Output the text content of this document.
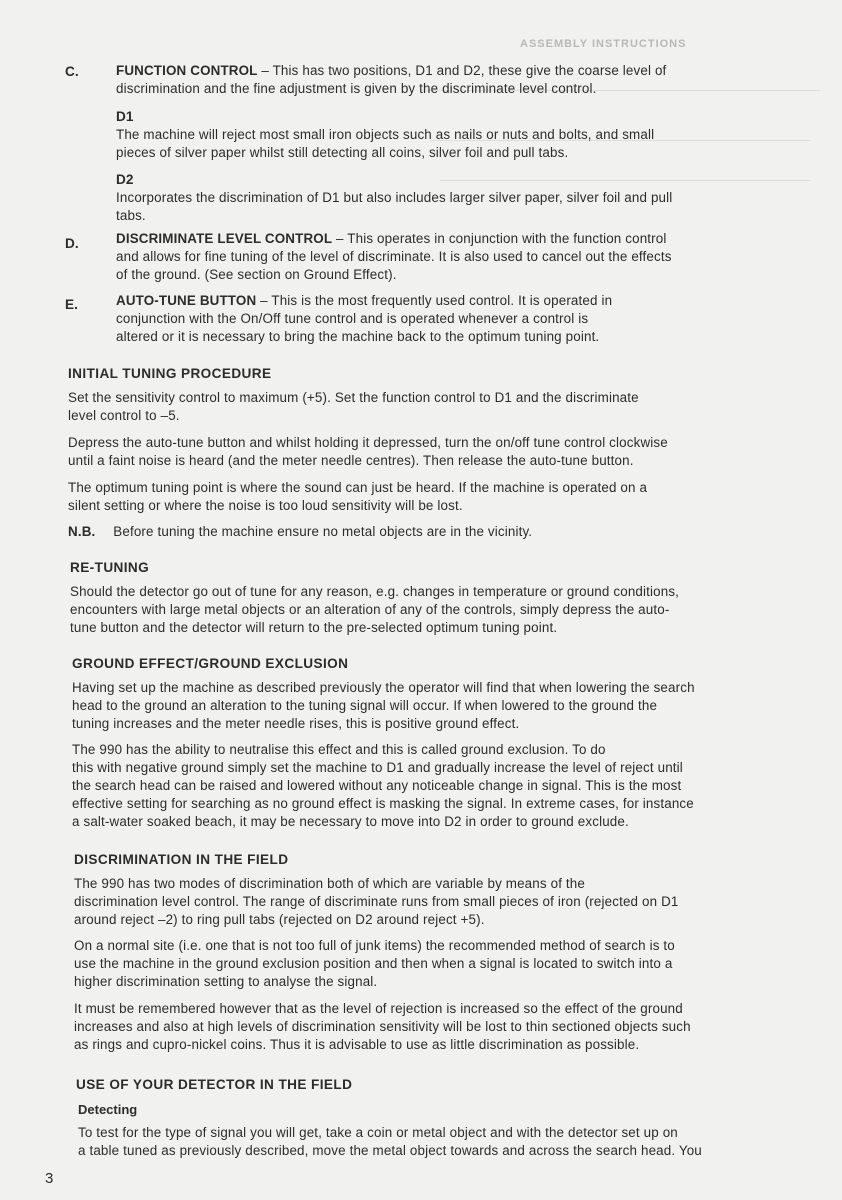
ASSEMBLY INSTRUCTIONS
C.	FUNCTION CONTROL – This has two positions, D1 and D2, these give the coarse level of
discrimination and the fine adjustment is given by the discriminate level control.
D1
The machine will reject most small iron objects such as nails or nuts and bolts, and small
pieces of silver paper whilst still detecting all coins, silver foil and pull tabs.
D2
Incorporates the discrimination of D1 but also includes larger silver paper, silver foil and pull
tabs.
D.	DISCRIMINATE LEVEL CONTROL – This operates in conjunction with the function control
and allows for fine tuning of the level of discriminate. It is also used to cancel out the effects
of the ground. (See section on Ground Effect).
E.	AUTO-TUNE BUTTON – This is the most frequently used control. It is operated in
conjunction with the On/Off tune control and is operated whenever a control is
altered or it is necessary to bring the machine back to the optimum tuning point.
INITIAL TUNING PROCEDURE
Set the sensitivity control to maximum (+5). Set the function control to D1 and the discriminate
level control to –5.
Depress the auto-tune button and whilst holding it depressed, turn the on/off tune control clockwise
until a faint noise is heard (and the meter needle centres). Then release the auto-tune button.
The optimum tuning point is where the sound can just be heard. If the machine is operated on a
silent setting or where the noise is too loud sensitivity will be lost.
N.B. Before tuning the machine ensure no metal objects are in the vicinity.
RE-TUNING
Should the detector go out of tune for any reason, e.g. changes in temperature or ground conditions,
encounters with large metal objects or an alteration of any of the controls, simply depress the auto-
tune button and the detector will return to the pre-selected optimum tuning point.
GROUND EFFECT/GROUND EXCLUSION
Having set up the machine as described previously the operator will find that when lowering the search
head to the ground an alteration to the tuning signal will occur. If when lowered to the ground the
tuning increases and the meter needle rises, this is positive ground effect.
The 990 has the ability to neutralise this effect and this is called ground exclusion. To do
this with negative ground simply set the machine to D1 and gradually increase the level of reject until
the search head can be raised and lowered without any noticeable change in signal. This is the most
effective setting for searching as no ground effect is masking the signal. In extreme cases, for instance
a salt-water soaked beach, it may be necessary to move into D2 in order to ground exclude.
DISCRIMINATION IN THE FIELD
The 990 has two modes of discrimination both of which are variable by means of the
discrimination level control. The range of discriminate runs from small pieces of iron (rejected on D1
around reject –2) to ring pull tabs (rejected on D2 around reject +5).
On a normal site (i.e. one that is not too full of junk items) the recommended method of search is to
use the machine in the ground exclusion position and then when a signal is located to switch into a
higher discrimination setting to analyse the signal.
It must be remembered however that as the level of rejection is increased so the effect of the ground
increases and also at high levels of discrimination sensitivity will be lost to thin sectioned objects such
as rings and cupro-nickel coins. Thus it is advisable to use as little discrimination as possible.
USE OF YOUR DETECTOR IN THE FIELD
Detecting
To test for the type of signal you will get, take a coin or metal object and with the detector set up on
a table tuned as previously described, move the metal object towards and across the search head. You
3
